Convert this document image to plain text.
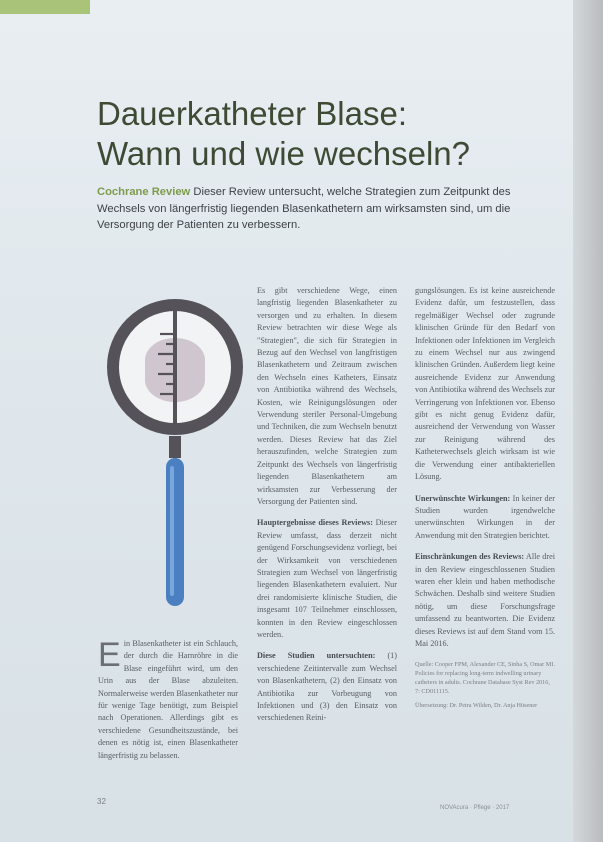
Dauerkatheter Blase:
Wann und wie wechseln?

Cochrane Review Dieser Review untersucht, welche Strategien zum Zeitpunkt des Wechsels von längerfristig liegenden Blasenkathetern am wirksamsten sind, um die Versorgung der Patienten zu verbessern.

Ein Blasenkatheter ist ein Schlauch, der durch die Harnröhre in die Blase eingeführt wird, um den Urin aus der Blase abzuleiten. Normalerweise werden Blasenkatheter nur für wenige Tage benötigt, zum Beispiel nach Operationen. Allerdings gibt es verschiedene Gesundheitszustände, bei denen es nötig ist, einen Blasenkatheter längerfristig zu belassen.

Es gibt verschiedene Wege, einen langfristig liegenden Blasenkatheter zu versorgen und zu erhalten. In diesem Review betrachten wir diese Wege als "Strategien", die sich für Strategien in Bezug auf den Wechsel von langfristigen Blasenkathetern und Zeitraum zwischen den Wechseln eines Katheters, Einsatz von Antibiotika während des Wechsels, Kosten, wie Reinigungslösungen oder Verwendung steriler Personal-Umgebung und Techniken, die zum Wechseln benutzt werden. Dieses Review hat das Ziel herauszufinden, welche Strategien zum Zeitpunkt des Wechsels von längerfristig liegenden Blasenkathetern am wirksamsten zur Verbesserung der Versorgung der Patienten sind.

Hauptergebnisse dieses Reviews: Dieser Review umfasst, dass derzeit nicht genügend Forschungsevidenz vorliegt, bei der Wirksamkeit von verschiedenen Strategien zum Wechsel von längerfristig liegenden Blasenkathetern evaluiert. Nur drei randomisierte klinische Studien, die insgesamt 107 Teilnehmer einschlossen, konnten in den Review eingeschlossen werden.

Diese Studien untersuchten: (1) verschiedene Zeitintervalle zum Wechsel von Blasenkathetern, (2) den Einsatz von Antibiotika zur Vorbeugung von Infektionen und (3) den Einsatz von verschiedenen Reini-

gungslösungen. Es ist keine ausreichende Evidenz dafür, um festzustellen, dass regelmäßiger Wechsel oder zugrunde klinischen Gründe für den Bedarf von Infektionen oder Infektionen im Vergleich zu einem Wechsel nur aus zwingend klinischen Gründen. Außerdem liegt keine ausreichende Evidenz zur Anwendung von Antibiotika während des Wechsels zur Verringerung von Infektionen vor. Ebenso gibt es nicht genug Evidenz dafür, ausreichend der Verwendung von Wasser zur Reinigung während des Katheterwechsels gleich wirksam ist wie die Verwendung einer antibakteriellen Lösung.

Unerwünschte Wirkungen: In keiner der Studien wurden irgendwelche unerwünschten Wirkungen in der Anwendung mit den Strategien berichtet.

Einschränkungen des Reviews: Alle drei in den Review eingeschlossenen Studien waren eher klein und haben methodische Schwächen. Deshalb sind weitere Studien nötig, um diese Forschungsfrage umfassend zu beantworten. Die Evidenz dieses Reviews ist auf dem Stand vom 15. Mai 2016.

Quelle: Cooper FPM, Alexander CE, Sinha S, Omar MI. Policies for replacing long-term indwelling urinary catheters in adults. Cochrane Database Syst Rev 2016, 7: CD011115.

Übersetzung: Dr. Petra Wilden, Dr. Anja Hüsener

32
NOVAcura · Pflege · 2017
